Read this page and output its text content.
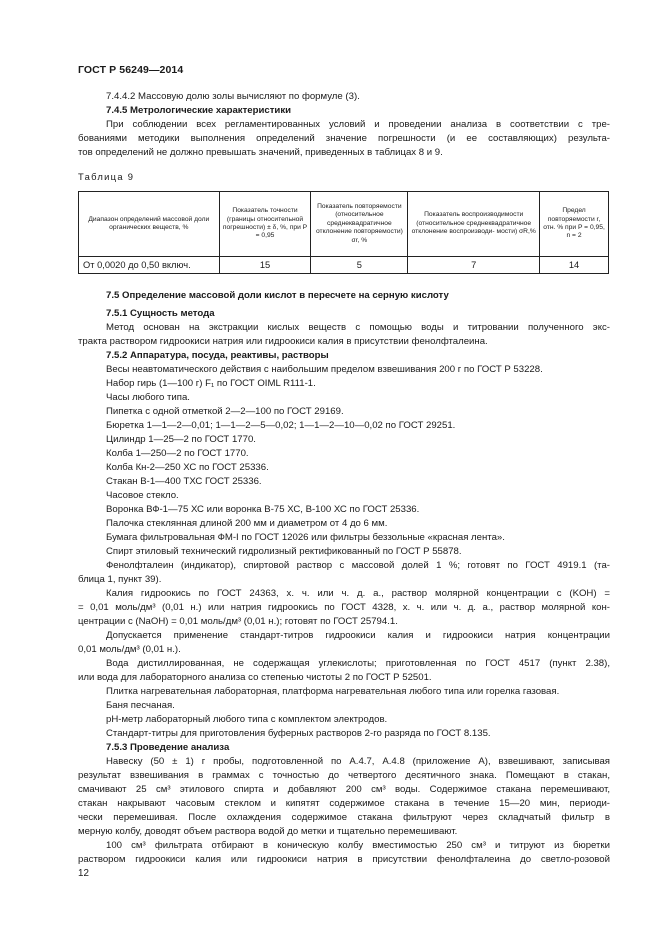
ГОСТ Р 56249—2014
7.4.4.2 Массовую долю золы вычисляют по формуле (3).
7.4.5 Метрологические характеристики
При соблюдении всех регламентированных условий и проведении анализа в соответствии с тре-
бованиями методики выполнения определений значение погрешности (и ее составляющих) результа-
тов определений не должно превышать значений, приведенных в таблицах 8 и 9.
Таблица 9
Диапазон определений массовой доли органических веществ, %	Показатель точности (границы относительной погрешности) ± δ, %, при P = 0,95	Показатель повторяемости (относительное среднеквадратичное отклонение повторяемости) σr, %	Показатель воспроизводимости (относительное среднеквадратичное отклонение воспроизводи- мости) σR,%	Предел повторяемости r, отн. % при P = 0,95, n = 2
От 0,0020 до 0,50 включ.	15	5	7	14
7.5 Определение массовой доли кислот в пересчете на серную кислоту
7.5.1 Сущность метода
Метод основан на экстракции кислых веществ с помощью воды и титровании полученного экс-
тракта раствором гидроокиси натрия или гидроокиси калия в присутствии фенолфталеина.
7.5.2 Аппаратура, посуда, реактивы, растворы
Весы неавтоматического действия с наибольшим пределом взвешивания 200 г по ГОСТ Р 53228.
Набор гирь (1—100 г) F₁ по ГОСТ OIML R111-1.
Часы любого типа.
Пипетка с одной отметкой 2—2—100 по ГОСТ 29169.
Бюретка 1—1—2—0,01; 1—1—2—5—0,02; 1—1—2—10—0,02 по ГОСТ 29251.
Цилиндр 1—25—2 по ГОСТ 1770.
Колба 1—250—2 по ГОСТ 1770.
Колба Кн-2—250 ХС по ГОСТ 25336.
Стакан В-1—400 ТХС ГОСТ 25336.
Часовое стекло.
Воронка ВФ-1—75 ХС или воронка В-75 ХС, В-100 ХС по ГОСТ 25336.
Палочка стеклянная длиной 200 мм и диаметром от 4 до 6 мм.
Бумага фильтровальная ФМ-I по ГОСТ 12026 или фильтры беззольные «красная лента».
Спирт этиловый технический гидролизный ректификованный по ГОСТ Р 55878.
Фенолфталеин (индикатор), спиртовой раствор с массовой долей 1 %; готовят по ГОСТ 4919.1 (та-
блица 1, пункт 39).
Калия гидроокись по ГОСТ 24363, х. ч. или ч. д. а., раствор молярной концентрации c (KOH) =
= 0,01 моль/дм³ (0,01 н.) или натрия гидроокись по ГОСТ 4328, х. ч. или ч. д. а., раствор молярной кон-
центрации c (NaOH) = 0,01 моль/дм³ (0,01 н.); готовят по ГОСТ 25794.1.
Допускается применение стандарт-титров гидроокиси калия и гидроокиси натрия концентрации
0,01 моль/дм³ (0,01 н.).
Вода дистиллированная, не содержащая углекислоты; приготовленная по ГОСТ 4517 (пункт 2.38),
или вода для лабораторного анализа со степенью чистоты 2 по ГОСТ Р 52501.
Плитка нагревательная лабораторная, платформа нагревательная любого типа или горелка газовая.
Баня песчаная.
pH-метр лабораторный любого типа с комплектом электродов.
Стандарт-титры для приготовления буферных растворов 2-го разряда по ГОСТ 8.135.
7.5.3 Проведение анализа
Навеску (50 ± 1) г пробы, подготовленной по А.4.7, А.4.8 (приложение А), взвешивают, записывая
результат взвешивания в граммах с точностью до четвертого десятичного знака. Помещают в стакан,
смачивают 25 см³ этилового спирта и добавляют 200 см³ воды. Содержимое стакана перемешивают,
стакан накрывают часовым стеклом и кипятят содержимое стакана в течение 15—20 мин, периоди-
чески перемешивая. После охлаждения содержимое стакана фильтруют через складчатый фильтр в
мерную колбу, доводят объем раствора водой до метки и тщательно перемешивают.
100 см³ фильтрата отбирают в коническую колбу вместимостью 250 см³ и титруют из бюретки
раствором гидроокиси калия или гидроокиси натрия в присутствии фенолфталеина до светло-розовой
12
